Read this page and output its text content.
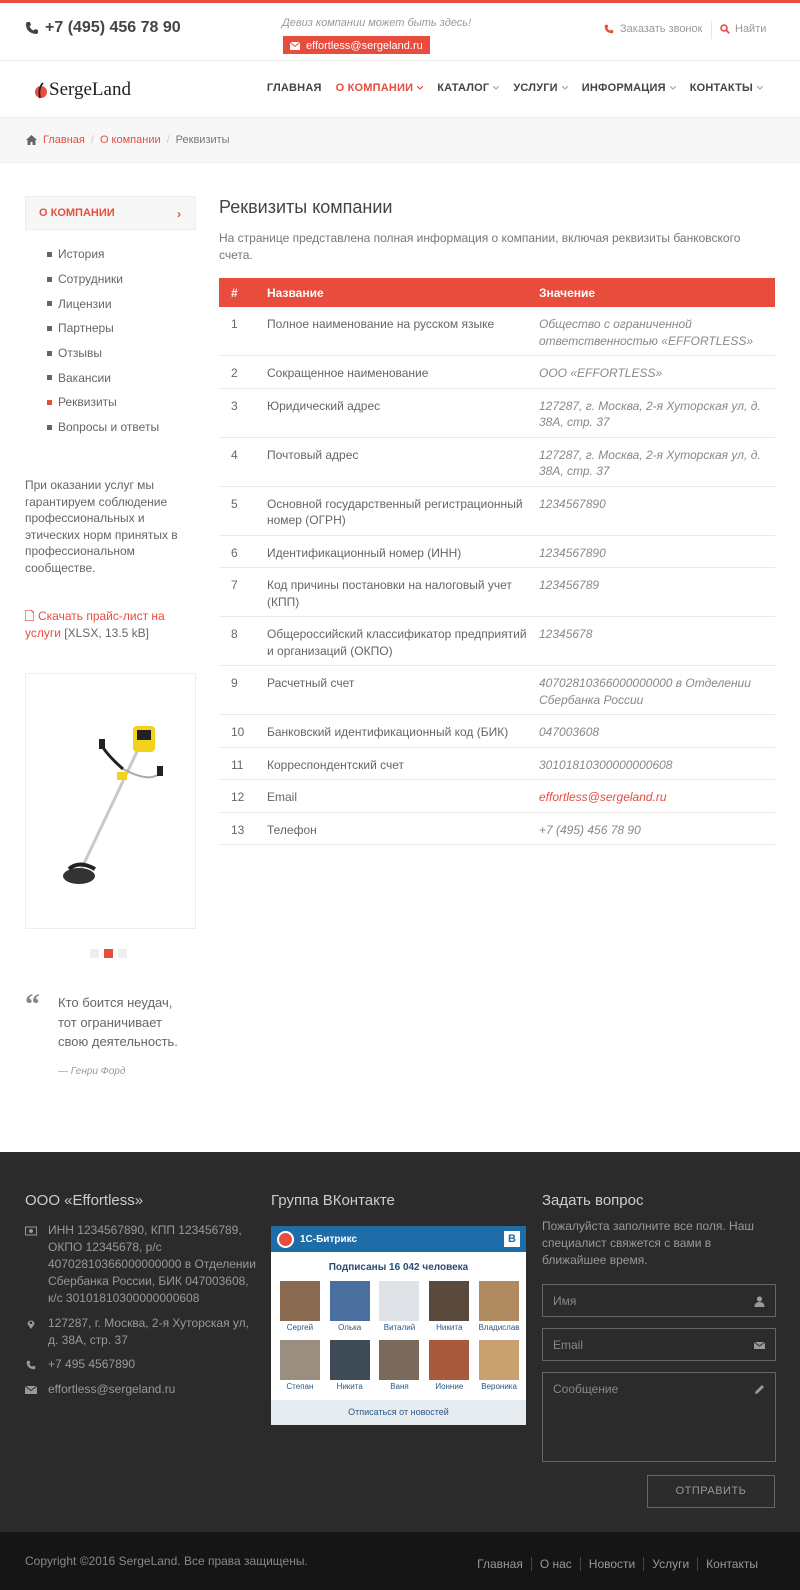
+7 (495) 456 78 90	Девиз компании может быть здесь!
effortless@sergeland.ru
Заказать звонок	Найти
SergeLand	ГЛАВНАЯ О КОМПАНИИ КАТАЛОГ УСЛУГИ ИНФОРМАЦИЯ КОНТАКТЫ
Главная / О компании / Реквизиты
О КОМПАНИИ	›
История
Сотрудники
Лицензии
Партнеры
Отзывы
Вакансии
Реквизиты
Вопросы и ответы
При оказании услуг мы гарантируем соблюдение профессиональных и этических норм принятых в профессиональном сообществе.
Скачать прайс-лист на услуги [XLSX, 13.5 kB]
“ Кто боится неудач, тот ограничивает свою деятельность.
— Генри Форд
Реквизиты компании
На странице представлена полная информация о компании, включая реквизиты банковского счета.
#	Название	Значение
1	Полное наименование на русском языке	Общество с ограниченной ответственностью «EFFORTLESS»
2	Сокращенное наименование	ООО «EFFORTLESS»
3	Юридический адрес	127287, г. Москва, 2-я Хуторская ул, д. 38А, стр. 37
4	Почтовый адрес	127287, г. Москва, 2-я Хуторская ул, д. 38А, стр. 37
5	Основной государственный регистрационный номер (ОГРН)	1234567890
6	Идентификационный номер (ИНН)	1234567890
7	Код причины постановки на налоговый учет (КПП)	123456789
8	Общероссийский классификатор предприятий и организаций (ОКПО)	12345678
9	Расчетный счет	40702810366000000000 в Отделении Сбербанка России
10	Банковский идентификационный код (БИК)	047003608
11	Корреспондентский счет	30101810300000000608
12	Email	effortless@sergeland.ru
13	Телефон	+7 (495) 456 78 90
ООО «Effortless»
ИНН 1234567890, КПП 123456789, ОКПО 12345678, р/с 40702810366000000000 в Отделении Сбербанка России, БИК 047003608, к/с 30101810300000000608
127287, г. Москва, 2-я Хуторская ул, д. 38А, стр. 37
+7 495 4567890
effortless@sergeland.ru
Группа ВКонтакте
1С-Битрикс	B
Подписаны 16 042 человека
Сергей	Олька	Виталий	Никита Владислав
Степан	Никита	Ваня	Ионние Вероника
Отписаться от новостей
Задать вопрос
Пожалуйста заполните все поля. Наш специалист свяжется с вами в ближайшее время.
Имя
Email
Сообщение
ОТПРАВИТЬ
Copyright ©2016 SergeLand. Все права защищены.	Главная	О нас	Новости	Услуги	Контакты
